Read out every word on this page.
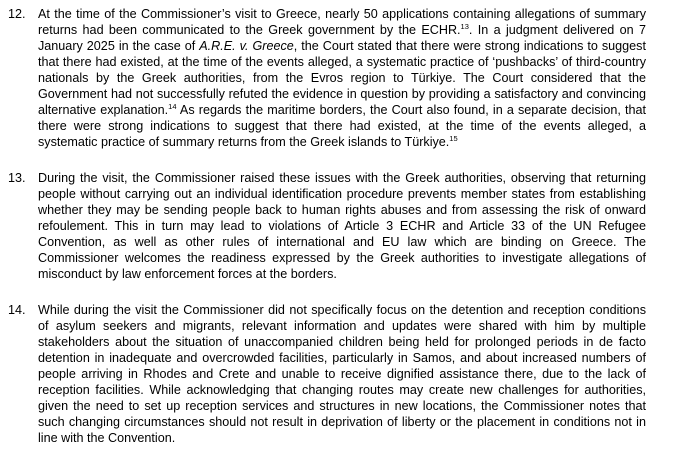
12. At the time of the Commissioner’s visit to Greece, nearly 50 applications containing allegations of summary returns had been communicated to the Greek government by the ECHR.$^{13}$. In a judgment delivered on 7 January 2025 in the case of A.R.E. v. Greece, the Court stated that there were strong indications to suggest that there had existed, at the time of the events alleged, a systematic practice of ‘pushbacks’ of third-country nationals by the Greek authorities, from the Evros region to Türkiye. The Court considered that the Government had not successfully refuted the evidence in question by providing a satisfactory and convincing alternative explanation.$^{14}$ As regards the maritime borders, the Court also found, in a separate decision, that there were strong indications to suggest that there had existed, at the time of the events alleged, a systematic practice of summary returns from the Greek islands to Türkiye.$^{15}$
13. During the visit, the Commissioner raised these issues with the Greek authorities, observing that returning people without carrying out an individual identification procedure prevents member states from establishing whether they may be sending people back to human rights abuses and from assessing the risk of onward refoulement. This in turn may lead to violations of Article 3 ECHR and Article 33 of the UN Refugee Convention, as well as other rules of international and EU law which are binding on Greece. The Commissioner welcomes the readiness expressed by the Greek authorities to investigate allegations of misconduct by law enforcement forces at the borders.
14. While during the visit the Commissioner did not specifically focus on the detention and reception conditions of asylum seekers and migrants, relevant information and updates were shared with him by multiple stakeholders about the situation of unaccompanied children being held for prolonged periods in de facto detention in inadequate and overcrowded facilities, particularly in Samos, and about increased numbers of people arriving in Rhodes and Crete and unable to receive dignified assistance there, due to the lack of reception facilities. While acknowledging that changing routes may create new challenges for authorities, given the need to set up reception services and structures in new locations, the Commissioner notes that such changing circumstances should not result in deprivation of liberty or the placement in conditions not in line with the Convention.
